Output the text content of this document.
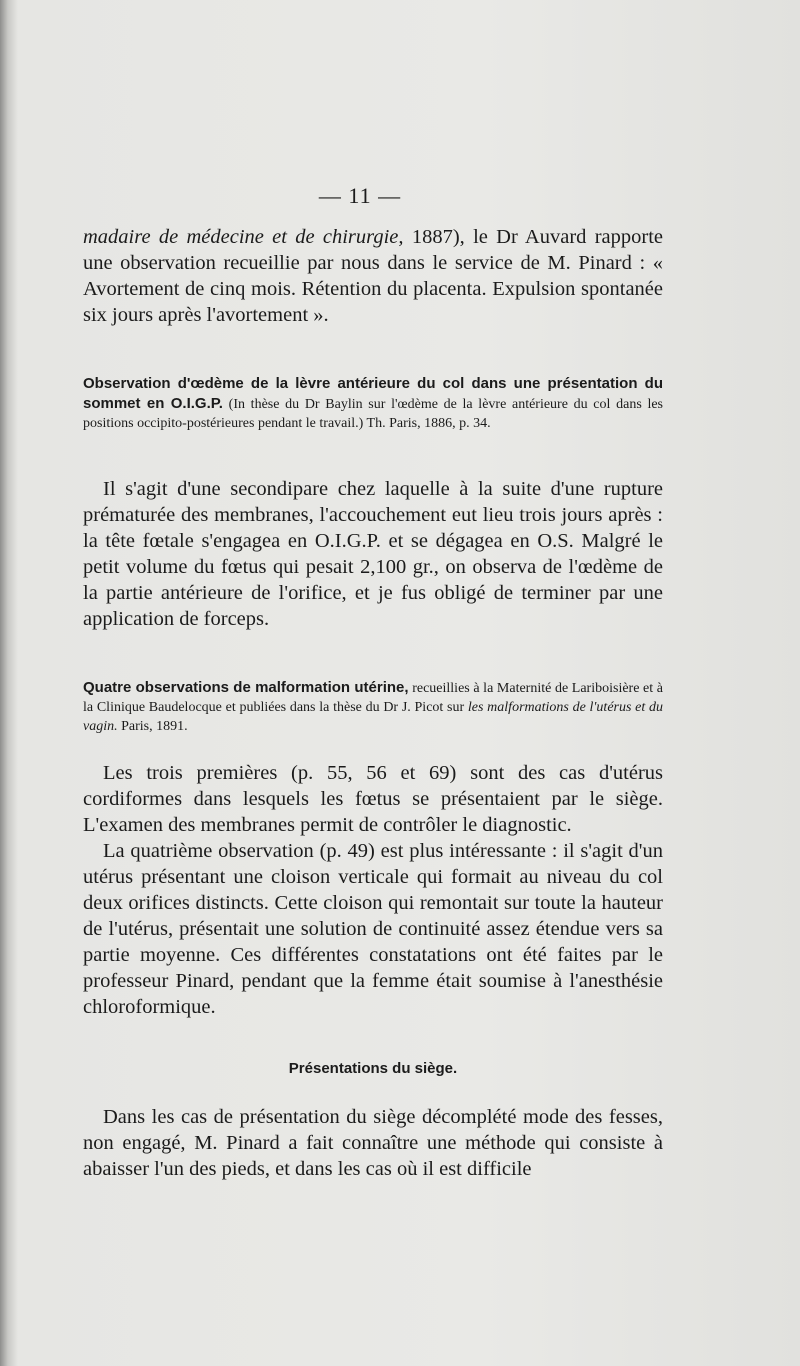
— 11 —

madaire de médecine et de chirurgie, 1887), le Dr Auvard rapporte une observation recueillie par nous dans le service de M. Pinard : « Avortement de cinq mois. Rétention du placenta. Expulsion spontanée six jours après l'avortement ».

Observation d'œdème de la lèvre antérieure du col dans une présentation du sommet en O.I.G.P. (In thèse du Dr Baylin sur l'œdème de la lèvre antérieure du col dans les positions occipito-postérieures pendant le travail.) Th. Paris, 1886, p. 34.

Il s'agit d'une secondipare chez laquelle à la suite d'une rupture prématurée des membranes, l'accouchement eut lieu trois jours après : la tête fœtale s'engagea en O.I.G.P. et se dégagea en O.S. Malgré le petit volume du fœtus qui pesait 2,100 gr., on observa de l'œdème de la partie antérieure de l'orifice, et je fus obligé de terminer par une application de forceps.

Quatre observations de malformation utérine, recueillies à la Maternité de Lariboisière et à la Clinique Baudelocque et publiées dans la thèse du Dr J. Picot sur les malformations de l'utérus et du vagin. Paris, 1891.

Les trois premières (p. 55, 56 et 69) sont des cas d'utérus cordiformes dans lesquels les fœtus se présentaient par le siège. L'examen des membranes permit de contrôler le diagnostic.

La quatrième observation (p. 49) est plus intéressante : il s'agit d'un utérus présentant une cloison verticale qui formait au niveau du col deux orifices distincts. Cette cloison qui remontait sur toute la hauteur de l'utérus, présentait une solution de continuité assez étendue vers sa partie moyenne. Ces différentes constatations ont été faites par le professeur Pinard, pendant que la femme était soumise à l'anesthésie chloroformique.

Présentations du siège.

Dans les cas de présentation du siège décomplété mode des fesses, non engagé, M. Pinard a fait connaître une méthode qui consiste à abaisser l'un des pieds, et dans les cas où il est difficile
